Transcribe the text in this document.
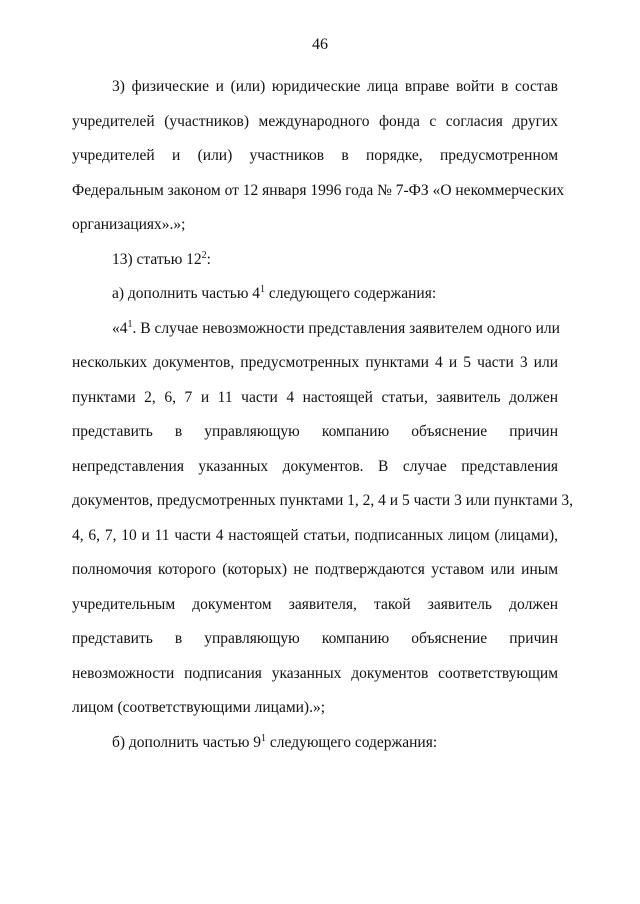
46
3) физические и (или) юридические лица вправе войти в состав
учредителей (участников) международного фонда с согласия других
учредителей и (или) участников в порядке, предусмотренном
Федеральным законом от 12 января 1996 года № 7-ФЗ «О некоммерческих
организациях».»;
13) статью $12^2$:
а) дополнить частью $4^1$ следующего содержания:
«$4^1$. В случае невозможности представления заявителем одного или
нескольких документов, предусмотренных пунктами 4 и 5 части 3 или
пунктами 2, 6, 7 и 11 части 4 настоящей статьи, заявитель должен
представить в управляющую компанию объяснение причин
непредставления указанных документов. В случае представления
документов, предусмотренных пунктами 1, 2, 4 и 5 части 3 или пунктами 3,
4, 6, 7, 10 и 11 части 4 настоящей статьи, подписанных лицом (лицами),
полномочия которого (которых) не подтверждаются уставом или иным
учредительным документом заявителя, такой заявитель должен
представить в управляющую компанию объяснение причин
невозможности подписания указанных документов соответствующим
лицом (соответствующими лицами).»;
б) дополнить частью $9^1$ следующего содержания:
